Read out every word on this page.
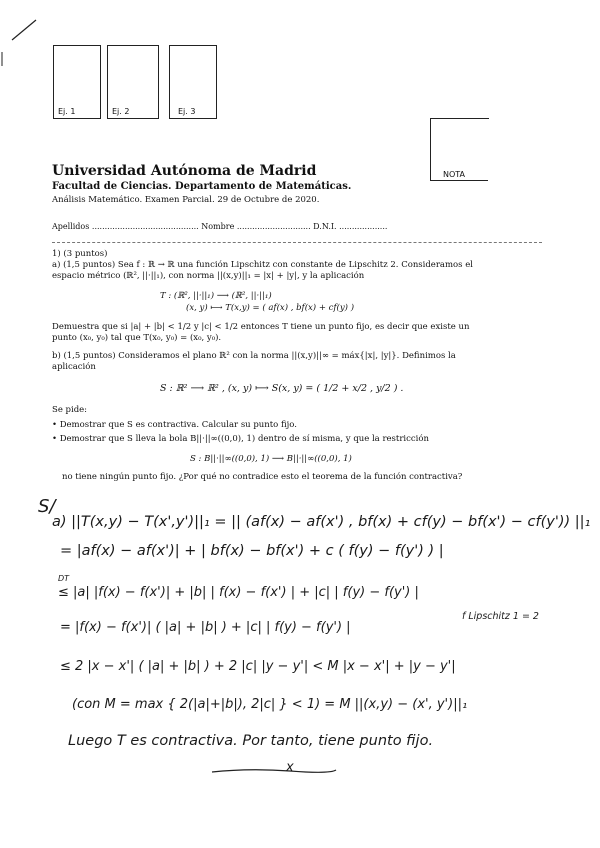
Ej. 1	Ej. 2	Ej. 3
NOTA
Universidad Autónoma de Madrid
Facultad de Ciencias. Departamento de Matemáticas.
Análisis Matemático. Examen Parcial. 29 de Octubre de 2020.
Apellidos .......................................... Nombre ............................. D.N.I. ...................
1) (3 puntos)
a) (1,5 puntos) Sea f : ℝ → ℝ una función Lipschitz con constante de Lipschitz 2. Consideramos el
espacio métrico (ℝ², ||·||₁), con norma ||(x,y)||₁ = |x| + |y|, y la aplicación
T : (ℝ², ||·||₁) ⟶ (ℝ², ||·||₁)
(x, y) ⟼ T(x,y) = ( af(x) , bf(x) + cf(y) )
Demuestra que si |a| + |b| < 1/2 y |c| < 1/2 entonces T tiene un punto fijo, es decir que existe un
punto (x₀, y₀) tal que T(x₀, y₀) = (x₀, y₀).
b) (1,5 puntos) Consideramos el plano ℝ² con la norma ||(x,y)||∞ = máx{|x|, |y|}. Definimos la
aplicación
S : ℝ² ⟶ ℝ² , (x, y) ⟼ S(x, y) = ( 1/2 + x/2 , y/2 ) .
Se pide:
• Demostrar que S es contractiva. Calcular su punto fijo.
• Demostrar que S lleva la bola B||·||∞((0,0), 1) dentro de sí misma, y que la restricción
S : B||·||∞((0,0), 1) ⟶ B||·||∞((0,0), 1)
no tiene ningún punto fijo. ¿Por qué no contradice esto el teorema de la función contractiva?
S/
a) ||T(x,y) − T(x',y')||₁ = || (af(x) − af(x') , bf(x) + cf(y) − bf(x') − cf(y')) ||₁
= |af(x) − af(x')| + | bf(x) − bf(x') + c ( f(y) − f(y') ) |
DT
≤ |a| |f(x) − f(x')| + |b| | f(x) − f(x') | + |c| | f(y) − f(y') |
f Lipschitz 1 = 2
= |f(x) − f(x')| ( |a| + |b| ) + |c| | f(y) − f(y') |
≤ 2 |x − x'| ( |a| + |b| ) + 2 |c| |y − y'| < M |x − x'| + |y − y'|
(con M = max { 2(|a|+|b|), 2|c| } < 1) = M ||(x,y) − (x', y')||₁
Luego T es contractiva. Por tanto, tiene punto fijo.
x
